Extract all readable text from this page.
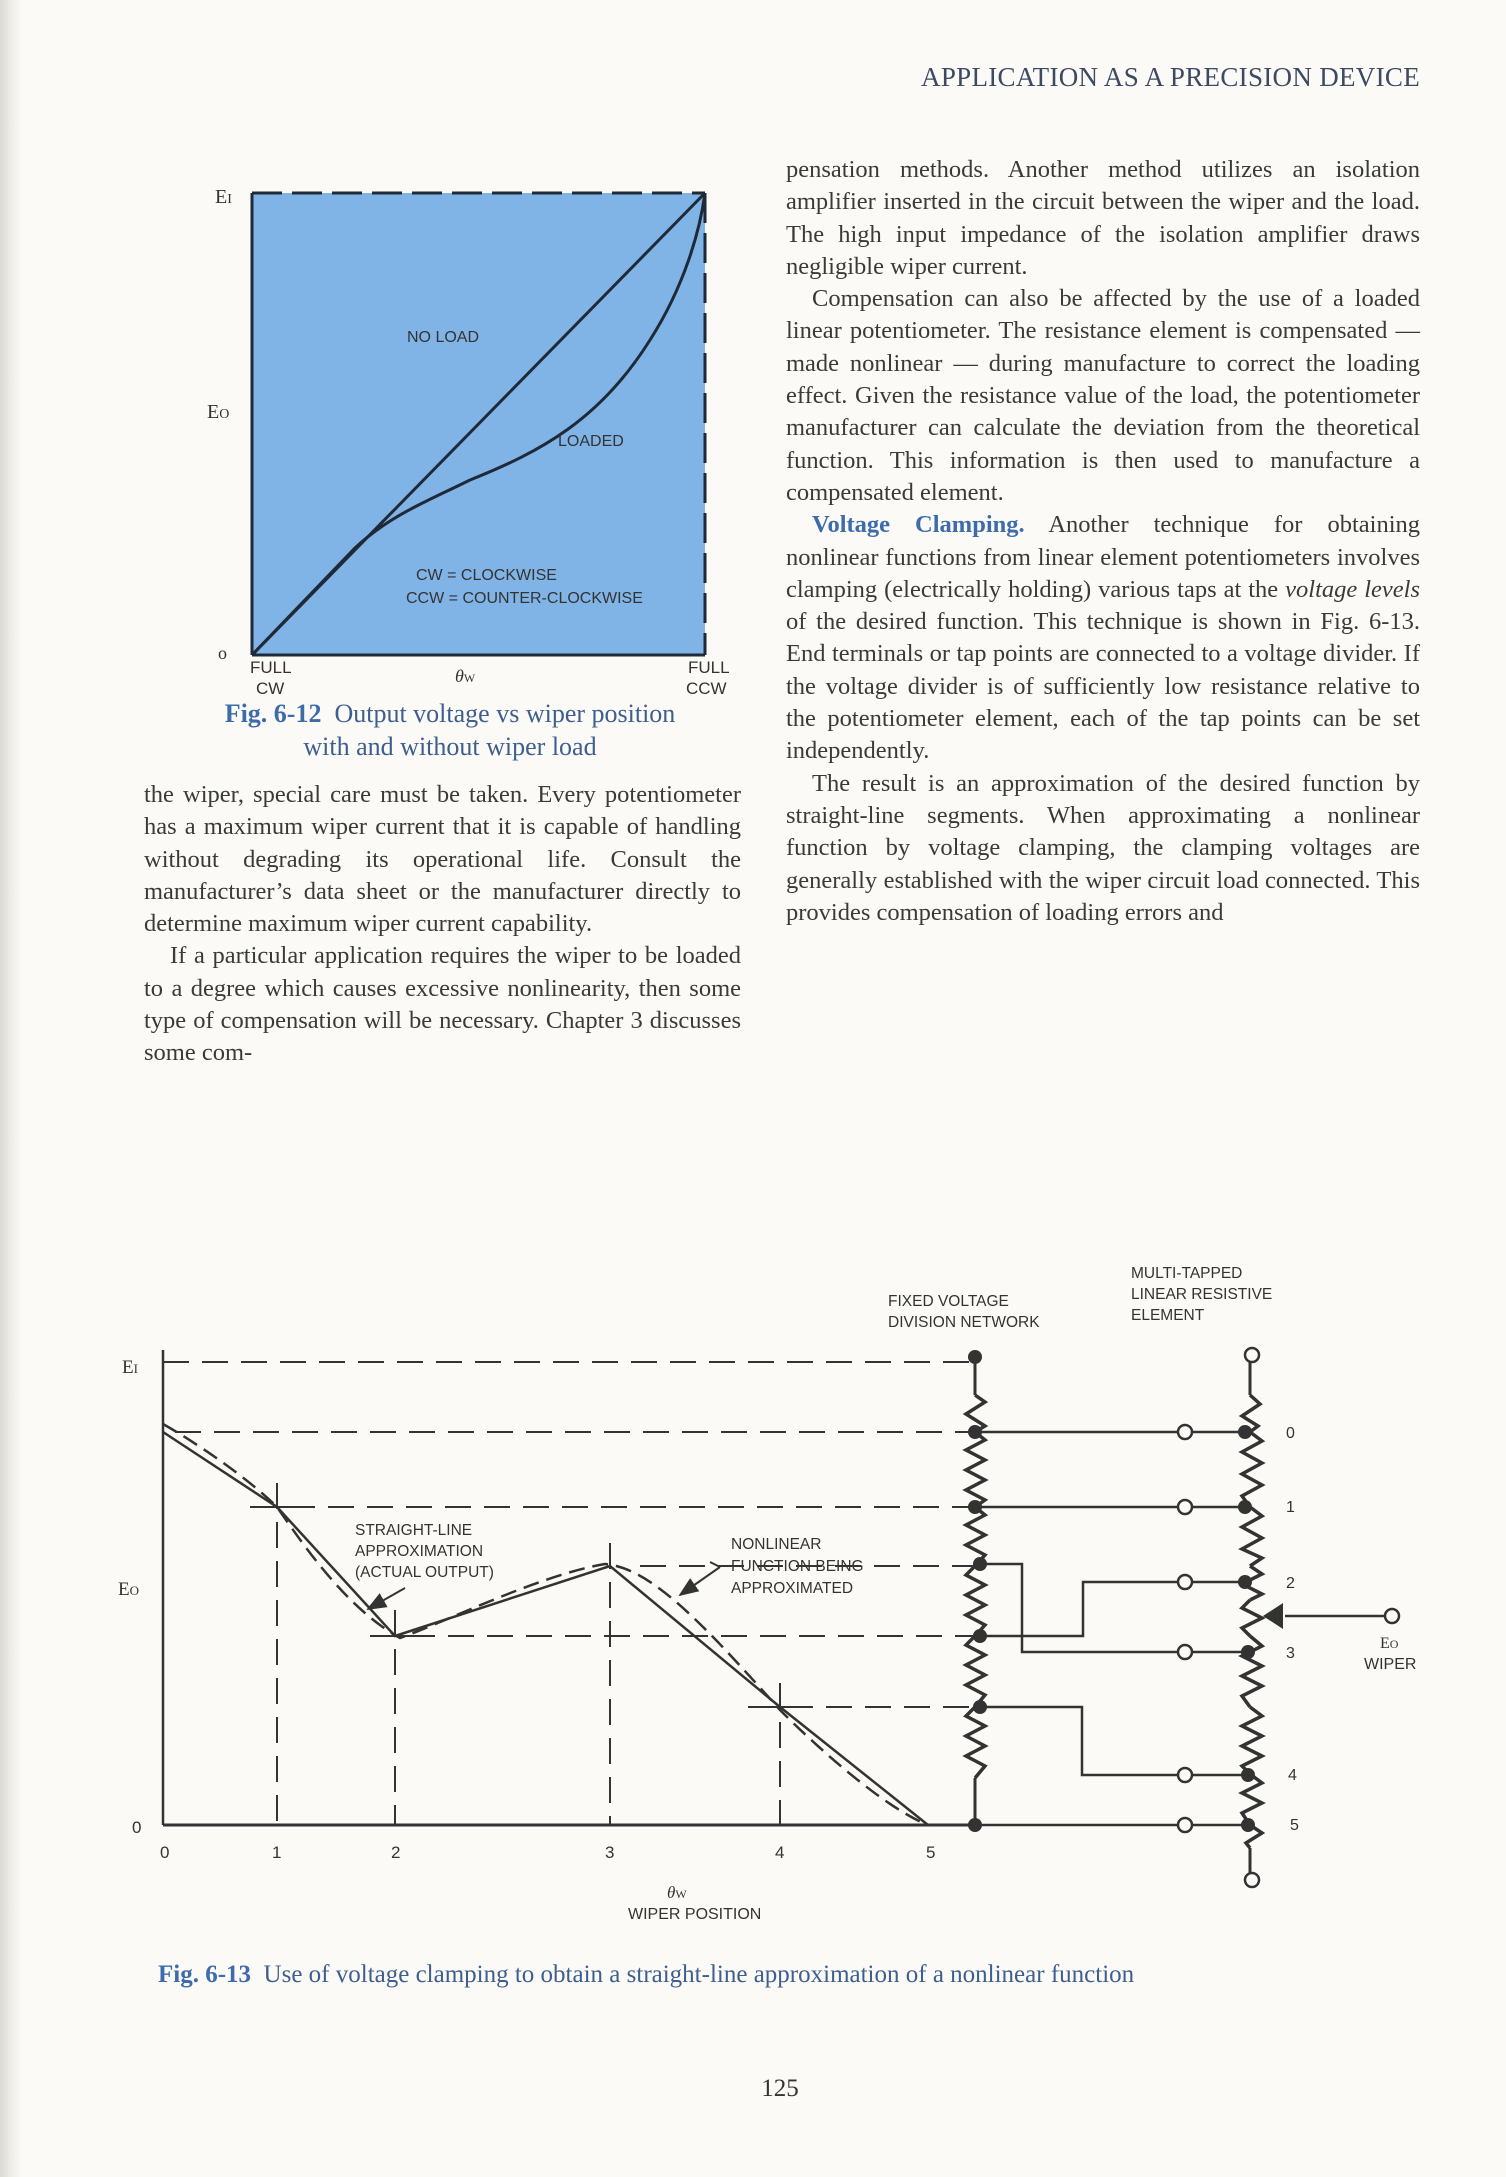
APPLICATION AS A PRECISION DEVICE
EI
EO
o
NO LOAD
LOADED
CW = CLOCKWISE
CCW = COUNTER-CLOCKWISE
FULL
CW
θW
FULL
CCW
Fig. 6-12 Output voltage vs wiper position
with and without wiper load

the wiper, special care must be taken. Every potentiometer has a maximum wiper current that it is capable of handling without degrading its operational life. Consult the manufacturer’s data sheet or the manufacturer directly to determine maximum wiper current capability.

If a particular application requires the wiper to be loaded to a degree which causes excessive nonlinearity, then some type of compensation will be necessary. Chapter 3 discusses some com-

pensation methods. Another method utilizes an isolation amplifier inserted in the circuit between the wiper and the load. The high input impedance of the isolation amplifier draws negligible wiper current.

Compensation can also be affected by the use of a loaded linear potentiometer. The resistance element is compensated — made nonlinear — during manufacture to correct the loading effect. Given the resistance value of the load, the potentiometer manufacturer can calculate the deviation from the theoretical function. This information is then used to manufacture a compensated element.

Voltage Clamping. Another technique for obtaining nonlinear functions from linear element potentiometers involves clamping (electrically holding) various taps at the voltage levels of the desired function. This technique is shown in Fig. 6-13. End terminals or tap points are connected to a voltage divider. If the voltage divider is of sufficiently low resistance relative to the potentiometer element, each of the tap points can be set independently.

The result is an approximation of the desired function by straight-line segments. When approximating a nonlinear function by voltage clamping, the clamping voltages are generally established with the wiper circuit load connected. This provides compensation of loading errors and

EI
EO
0
0	1	2	3	4	5
θW
WIPER POSITION
STRAIGHT-LINE
APPROXIMATION
(ACTUAL OUTPUT)
NONLINEAR
FUNCTION BEING
APPROXIMATED
FIXED VOLTAGE
DIVISION NETWORK
MULTI-TAPPED
LINEAR RESISTIVE
ELEMENT
0
1
2
3
4
5
EO
WIPER
Fig. 6-13 Use of voltage clamping to obtain a straight-line approximation of a nonlinear function
125
